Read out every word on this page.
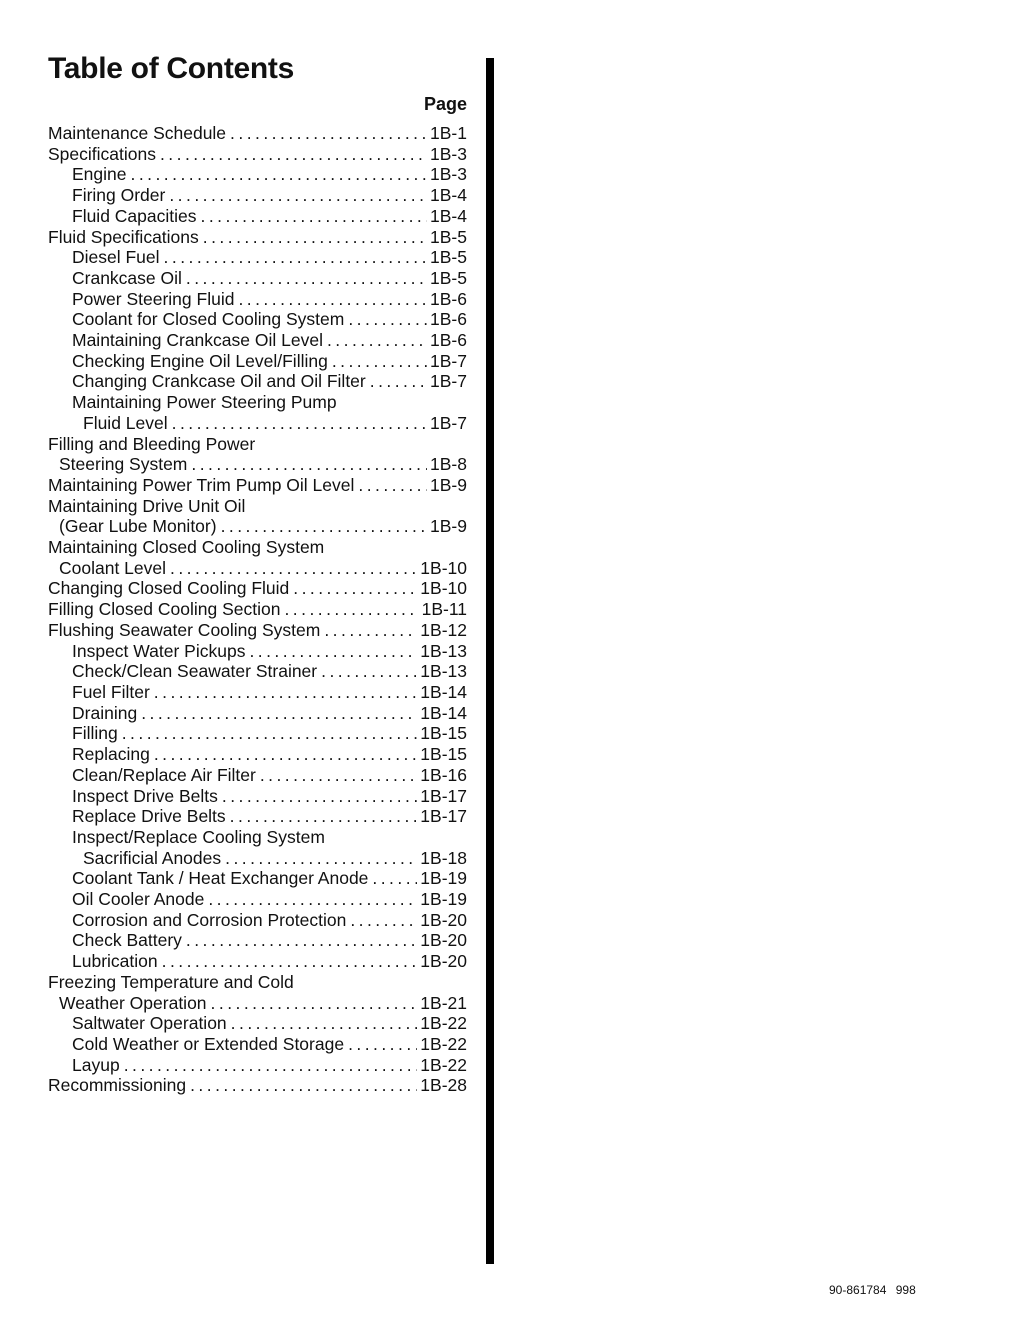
Table of Contents
Page
Maintenance Schedule . . .	1B-1
Specifications . . .	1B-3
Engine . . .	1B-3
Firing Order . . .	1B-4
Fluid Capacities . . .	1B-4
Fluid Specifications . . .	1B-5
Diesel Fuel . . .	1B-5
Crankcase Oil . . .	1B-5
Power Steering Fluid . . .	1B-6
Coolant for Closed Cooling System . . .	1B-6
Maintaining Crankcase Oil Level . . .	1B-6
Checking Engine Oil Level/Filling . . .	1B-7
Changing Crankcase Oil and Oil Filter . . .	1B-7
Maintaining Power Steering Pump
Fluid Level . . .	1B-7
Filling and Bleeding Power
Steering System . . .	1B-8
Maintaining Power Trim Pump Oil Level . . .	1B-9
Maintaining Drive Unit Oil
(Gear Lube Monitor) . . .	1B-9
Maintaining Closed Cooling System
Coolant Level . . .	1B-10
Changing Closed Cooling Fluid . . .	1B-10
Filling Closed Cooling Section . . .	1B-11
Flushing Seawater Cooling System . . .	1B-12
Inspect Water Pickups . . .	1B-13
Check/Clean Seawater Strainer . . .	1B-13
Fuel Filter . . .	1B-14
Draining . . .	1B-14
Filling . . .	1B-15
Replacing . . .	1B-15
Clean/Replace Air Filter . . .	1B-16
Inspect Drive Belts . . .	1B-17
Replace Drive Belts . . .	1B-17
Inspect/Replace Cooling System
Sacrificial Anodes . . .	1B-18
Coolant Tank / Heat Exchanger Anode . . .	1B-19
Oil Cooler Anode . . .	1B-19
Corrosion and Corrosion Protection . . .	1B-20
Check Battery . . .	1B-20
Lubrication . . .	1B-20
Freezing Temperature and Cold
Weather Operation . . .	1B-21
Saltwater Operation . . .	1B-22
Cold Weather or Extended Storage . . .	1B-22
Layup . . .	1B-22
Recommissioning . . .	1B-28
90-861784 998
